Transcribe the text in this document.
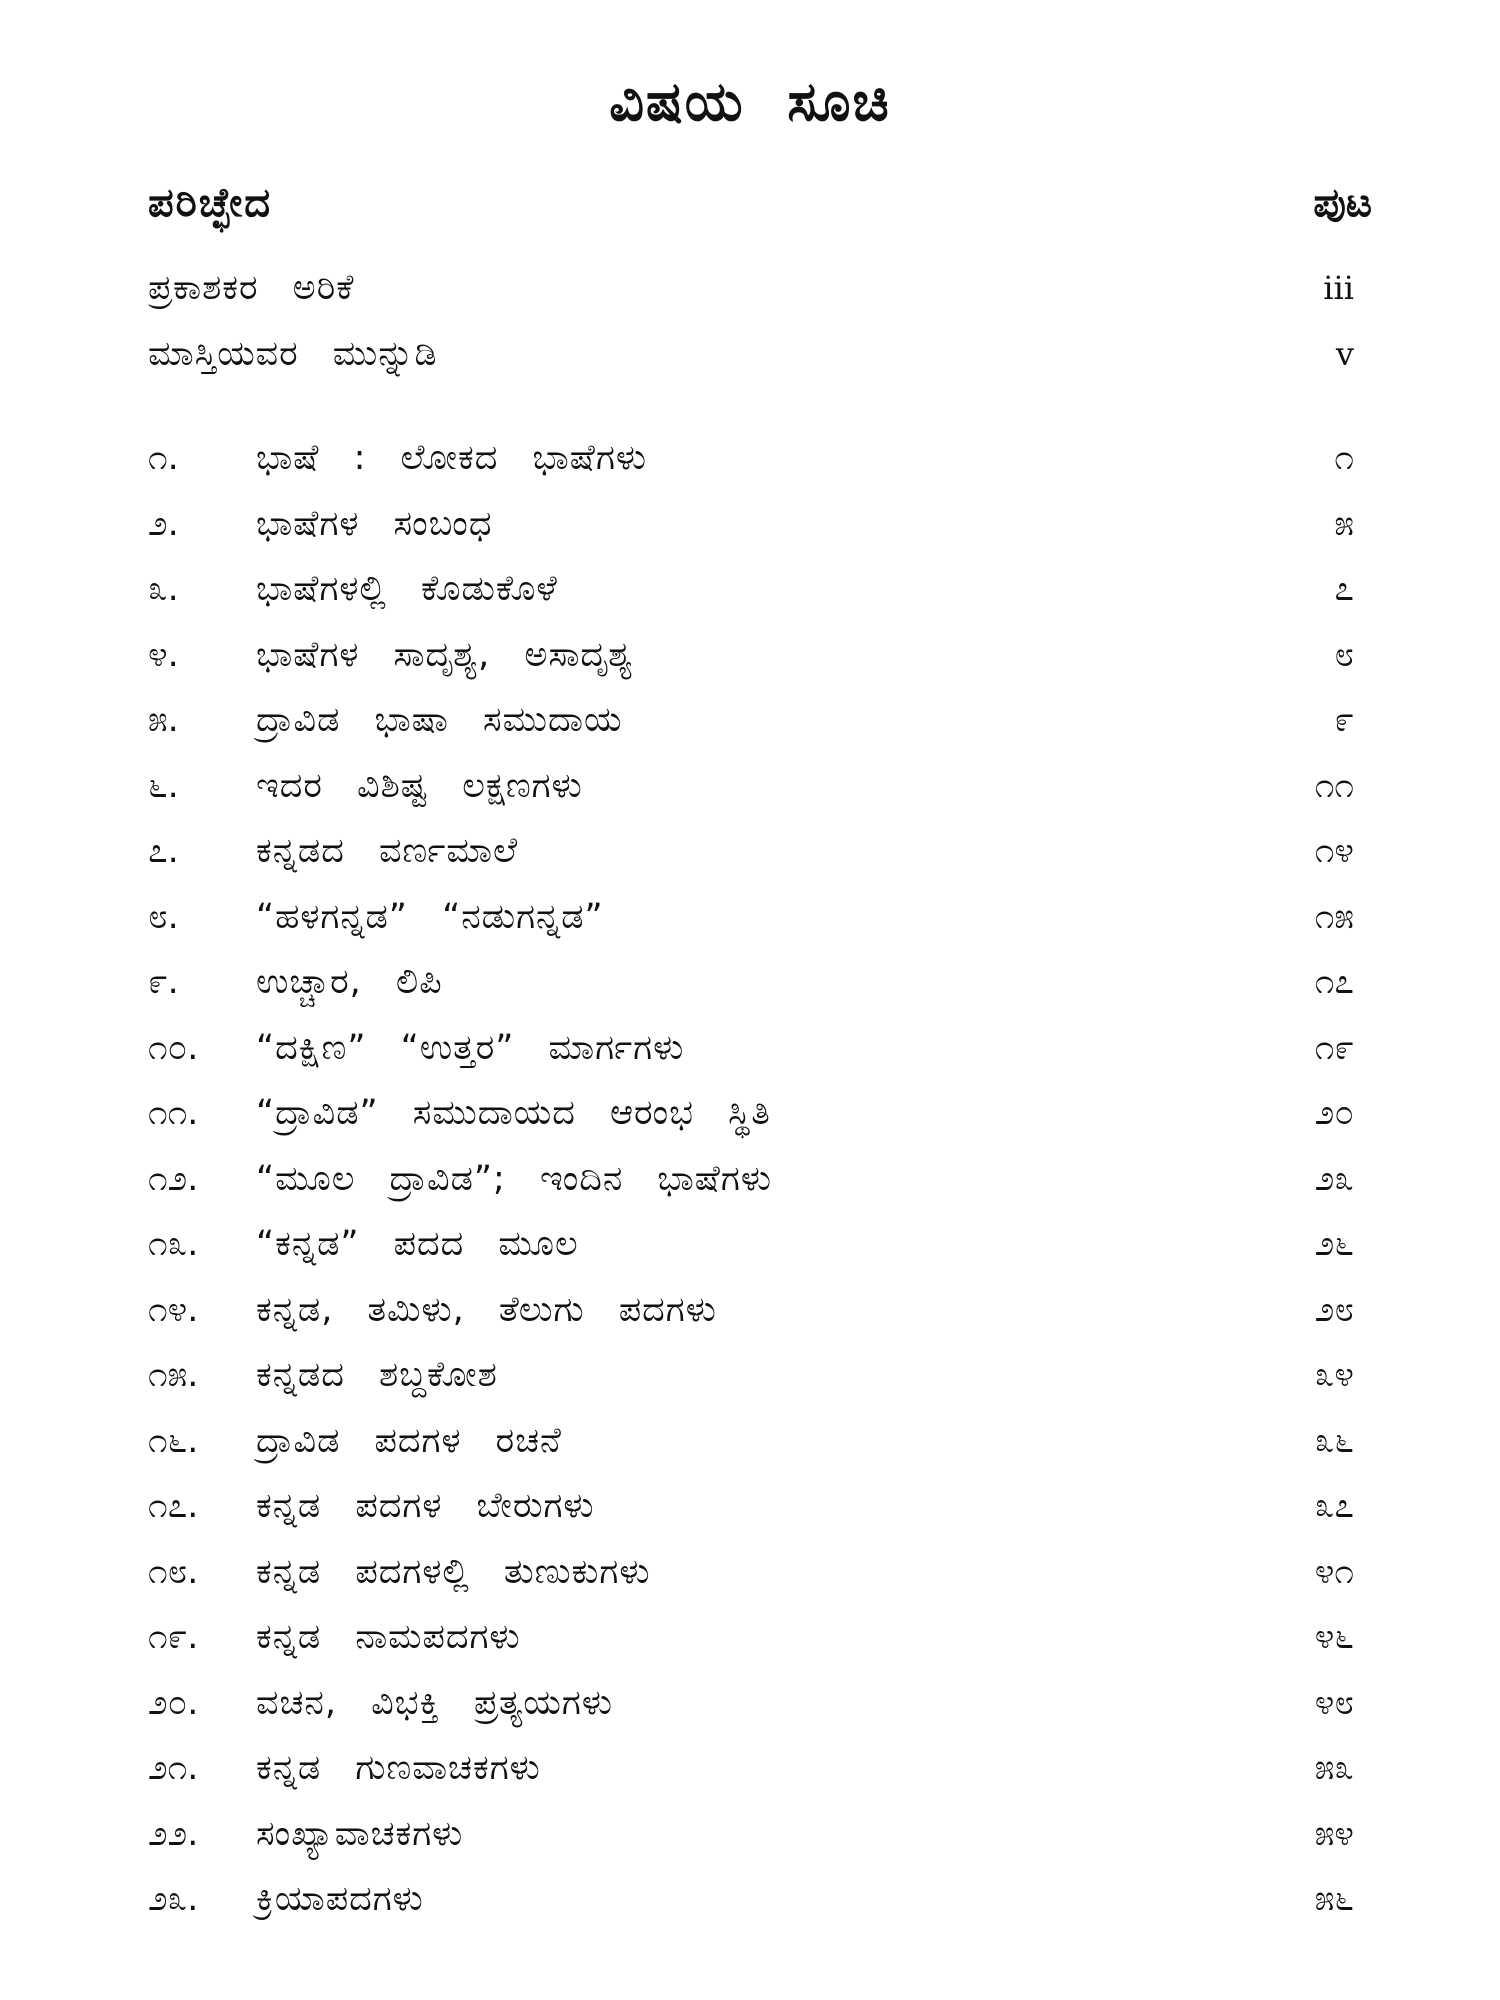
ವಿಷಯ ಸೂಚಿ
ಪರಿಚ್ಛೇದ	ಪುಟ
ಪ್ರಕಾಶಕರ ಅರಿಕೆ	iii
ಮಾಸ್ತಿಯವರ ಮುನ್ನುಡಿ	v
೧.	ಭಾಷೆ : ಲೋಕದ ಭಾಷೆಗಳು	೧
೨.	ಭಾಷೆಗಳ ಸಂಬಂಧ	೫
೩.	ಭಾಷೆಗಳಲ್ಲಿ ಕೊಡುಕೊಳೆ	೭
೪.	ಭಾಷೆಗಳ ಸಾದೃಶ್ಯ, ಅಸಾದೃಶ್ಯ	೮
೫.	ದ್ರಾವಿಡ ಭಾಷಾ ಸಮುದಾಯ	೯
೬.	ಇದರ ವಿಶಿಷ್ಟ ಲಕ್ಷಣಗಳು	೧೧
೭.	ಕನ್ನಡದ ವರ್ಣಮಾಲೆ	೧೪
೮.	“ಹಳಗನ್ನಡ” “ನಡುಗನ್ನಡ”	೧೫
೯.	ಉಚ್ಚಾರ, ಲಿಪಿ	೧೭
೧೦.	“ದಕ್ಷಿಣ” “ಉತ್ತರ” ಮಾರ್ಗಗಳು	೧೯
೧೧.	“ದ್ರಾವಿಡ” ಸಮುದಾಯದ ಆರಂಭ ಸ್ಥಿತಿ	೨೦
೧೨.	“ಮೂಲ ದ್ರಾವಿಡ”; ಇಂದಿನ ಭಾಷೆಗಳು	೨೩
೧೩.	“ಕನ್ನಡ” ಪದದ ಮೂಲ	೨೬
೧೪.	ಕನ್ನಡ, ತಮಿಳು, ತೆಲುಗು ಪದಗಳು	೨೮
೧೫.	ಕನ್ನಡದ ಶಬ್ದಕೋಶ	೩೪
೧೬.	ದ್ರಾವಿಡ ಪದಗಳ ರಚನೆ	೩೬
೧೭.	ಕನ್ನಡ ಪದಗಳ ಬೇರುಗಳು	೩೭
೧೮.	ಕನ್ನಡ ಪದಗಳಲ್ಲಿ ತುಣುಕುಗಳು	೪೧
೧೯.	ಕನ್ನಡ ನಾಮಪದಗಳು	೪೬
೨೦.	ವಚನ, ವಿಭಕ್ತಿ ಪ್ರತ್ಯಯಗಳು	೪೮
೨೧.	ಕನ್ನಡ ಗುಣವಾಚಕಗಳು	೫೩
೨೨.	ಸಂಖ್ಯಾವಾಚಕಗಳು	೫೪
೨೩.	ಕ್ರಿಯಾಪದಗಳು	೫೬
